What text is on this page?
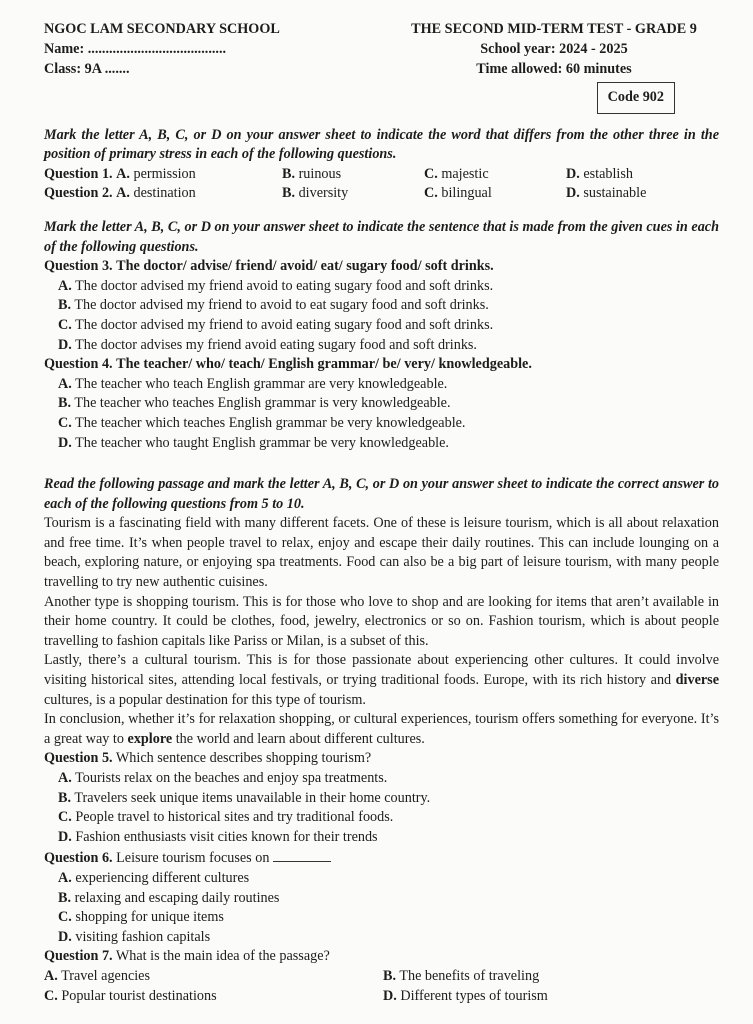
NGOC LAM SECONDARY SCHOOL
Name: .......................................
Class: 9A .......
THE SECOND MID-TERM TEST - GRADE 9
School year: 2024 - 2025
Time allowed: 60 minutes
Code 902
Mark the letter A, B, C, or D on your answer sheet to indicate the word that differs from the other three in the position of primary stress in each of the following questions.
Question 1. A. permission	B. ruinous	C. majestic	D. establish
Question 2. A. destination	B. diversity	C. bilingual	D. sustainable
Mark the letter A, B, C, or D on your answer sheet to indicate the sentence that is made from the given cues in each of the following questions.
Question 3. The doctor/ advise/ friend/ avoid/ eat/ sugary food/ soft drinks.
A. The doctor advised my friend avoid to eating sugary food and soft drinks.
B. The doctor advised my friend to avoid to eat sugary food and soft drinks.
C. The doctor advised my friend to avoid eating sugary food and soft drinks.
D. The doctor advises my friend avoid eating sugary food and soft drinks.
Question 4. The teacher/ who/ teach/ English grammar/ be/ very/ knowledgeable.
A. The teacher who teach English grammar are very knowledgeable.
B. The teacher who teaches English grammar is very knowledgeable.
C. The teacher which teaches English grammar be very knowledgeable.
D. The teacher who taught English grammar be very knowledgeable.
Read the following passage and mark the letter A, B, C, or D on your answer sheet to indicate the correct answer to each of the following questions from 5 to 10.
Tourism is a fascinating field with many different facets. One of these is leisure tourism, which is all about relaxation and free time. It’s when people travel to relax, enjoy and escape their daily routines. This can include lounging on a beach, exploring nature, or enjoying spa treatments. Food can also be a big part of leisure tourism, with many people travelling to try new authentic cuisines.
Another type is shopping tourism. This is for those who love to shop and are looking for items that aren’t available in their home country. It could be clothes, food, jewelry, electronics or so on. Fashion tourism, which is about people travelling to fashion capitals like Pariss or Milan, is a subset of this.
Lastly, there’s a cultural tourism. This is for those passionate about experiencing other cultures. It could involve visiting historical sites, attending local festivals, or trying traditional foods. Europe, with its rich history and diverse cultures, is a popular destination for this type of tourism.
In conclusion, whether it’s for relaxation shopping, or cultural experiences, tourism offers something for everyone. It’s a great way to explore the world and learn about different cultures.
Question 5. Which sentence describes shopping tourism?
A. Tourists relax on the beaches and enjoy spa treatments.
B. Travelers seek unique items unavailable in their home country.
C. People travel to historical sites and try traditional foods.
D. Fashion enthusiasts visit cities known for their trends
Question 6. Leisure tourism focuses on
A. experiencing different cultures
B. relaxing and escaping daily routines
C. shopping for unique items
D. visiting fashion capitals
Question 7. What is the main idea of the passage?
A. Travel agencies	B. The benefits of traveling
C. Popular tourist destinations	D. Different types of tourism
